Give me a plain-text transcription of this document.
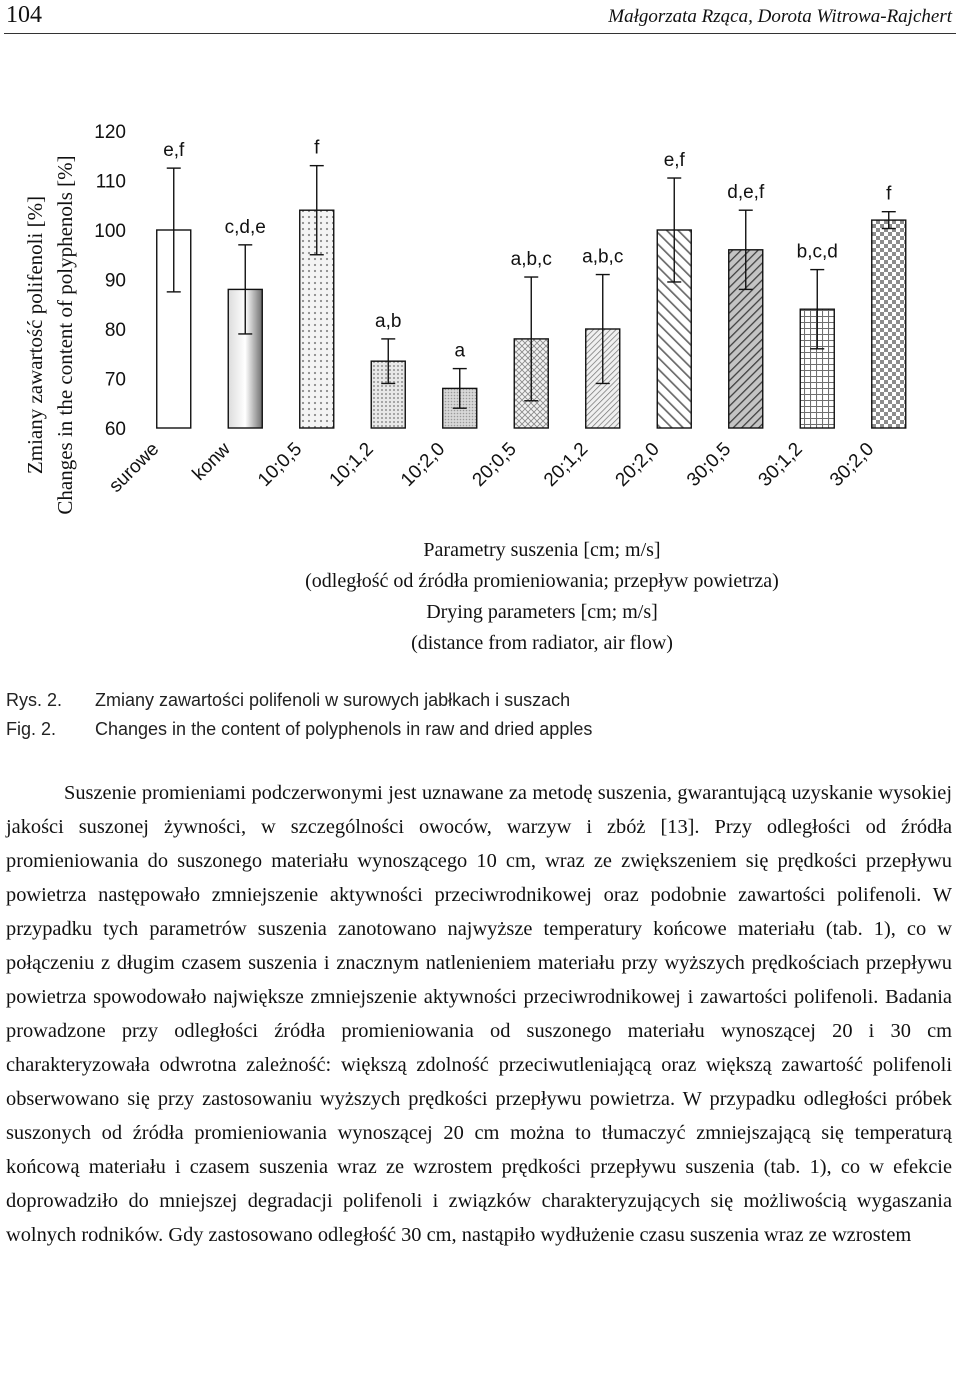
104	Małgorzata Rząca, Dorota Witrowa-Rajchert
Zmiany zawartość polifenoli [%] Changes in the content of polyphenols [%]
120
110
100
90
80
70
60
e,f
c,d,e
f
a,b
a
a,b,c a,b,c
e,f
d,e,f
b,c,d
f
surowe konw 10;0,5 10;1,2 10;2,0 20;0,5 20;1,2 20;2,0 30;0,5 30;1,2 30;2,0
Parametry suszenia [cm; m/s]
(odległość od źródła promieniowania; przepływ powietrza)
Drying parameters [cm; m/s]
(distance from radiator, air flow)
Rys. 2. Zmiany zawartości polifenoli w surowych jabłkach i suszach
Fig. 2. Changes in the content of polyphenols in raw and dried apples

Suszenie promieniami podczerwonymi jest uznawane za metodę suszenia, gwarantującą uzyskanie wysokiej jakości suszonej żywności, w szczególności owoców, warzyw i zbóż [13]. Przy odległości od źródła promieniowania do suszonego materiału wynoszącego 10 cm, wraz ze zwiększeniem się prędkości przepływu powietrza następowało zmniejszenie aktywności przeciwrodnikowej oraz podobnie zawartości polifenoli. W przypadku tych parametrów suszenia zanotowano najwyższe temperatury końcowe materiału (tab. 1), co w połączeniu z długim czasem suszenia i znacznym natlenieniem materiału przy wyższych prędkościach przepływu powietrza spowodowało największe zmniejszenie aktywności przeciwrodnikowej i zawartości polifenoli. Badania prowadzone przy odległości źródła promieniowania od suszonego materiału wynoszącej 20 i 30 cm charakteryzowała odwrotna zależność: większą zdolność przeciwutleniającą oraz większą zawartość polifenoli obserwowano się przy zastosowaniu wyższych prędkości przepływu powietrza. W przypadku odległości próbek suszonych od źródła promieniowania wynoszącej 20 cm można to tłumaczyć zmniejszającą się temperaturą końcową materiału i czasem suszenia wraz ze wzrostem prędkości przepływu suszenia (tab. 1), co w efekcie doprowadziło do mniejszej degradacji polifenoli i związków charakteryzujących się możliwością wygaszania wolnych rodników. Gdy zastosowano odległość 30 cm, nastąpiło wydłużenie czasu suszenia wraz ze wzrostem
